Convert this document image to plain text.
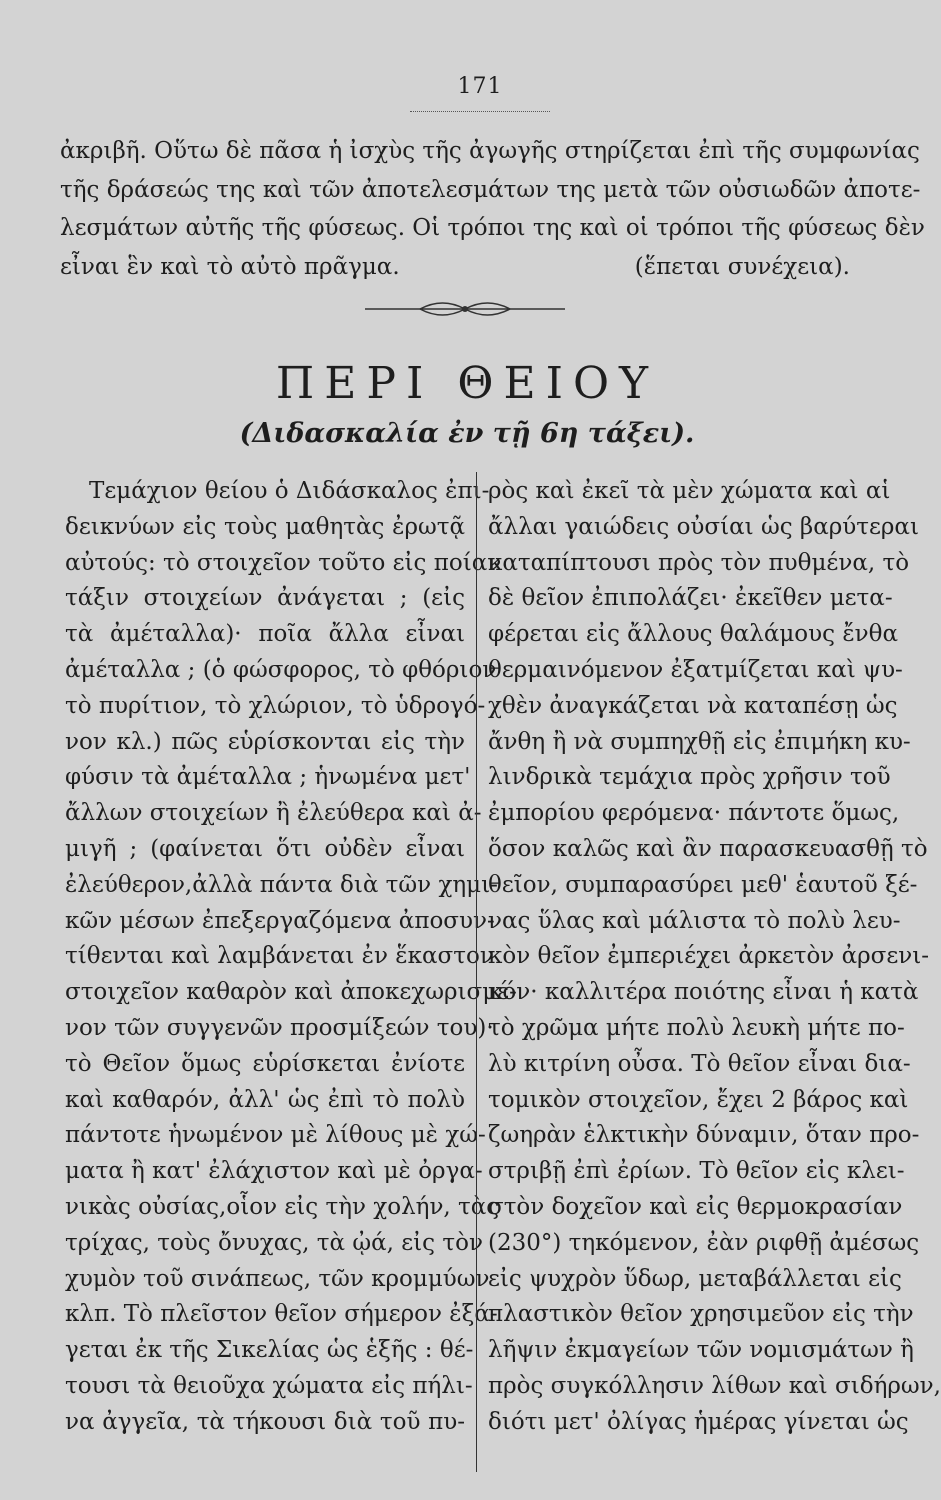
171
ἀκριβῆ. Οὕτω δὲ πᾶσα ἡ ἰσχὺς τῆς ἀγωγῆς στηρίζεται ἐπὶ τῆς συμφωνίας
τῆς δράσεώς της καὶ τῶν ἀποτελεσμάτων της μετὰ τῶν οὐσιωδῶν ἀποτε-
λεσμάτων αὐτῆς τῆς φύσεως. Οἱ τρόποι της καὶ οἱ τρόποι τῆς φύσεως δὲν
εἶναι ἓν καὶ τὸ αὐτὸ πρᾶγμα.	(ἕπεται συνέχεια).
ΠΕΡΙ ΘΕΙΟΥ
(Διδασκαλία ἐν τῇ 6η τάξει).
Τεμάχιον θείου ὁ Διδάσκαλος ἐπι-
δεικνύων εἰς τοὺς μαθητὰς ἐρωτᾷ
αὐτούς: τὸ στοιχεῖον τοῦτο εἰς ποίαν
τάξιν στοιχείων ἀνάγεται ; (εἰς
τὰ ἀμέταλλα)· ποῖα ἄλλα εἶναι
ἀμέταλλα ; (ὁ φώσφορος, τὸ φθόριον
τὸ πυρίτιον, τὸ χλώριον, τὸ ὑδρογό-
νον κλ.) πῶς εὑρίσκονται εἰς τὴν
φύσιν τὰ ἀμέταλλα ; ἡνωμένα μετ'
ἄλλων στοιχείων ἢ ἐλεύθερα καὶ ἀ-
μιγῆ ; (φαίνεται ὅτι οὐδὲν εἶναι
ἐλεύθερον,ἀλλὰ πάντα διὰ τῶν χημι-
κῶν μέσων ἐπεξεργαζόμενα ἀποσυν-
τίθενται καὶ λαμβάνεται ἐν ἕκαστον
στοιχεῖον καθαρὸν καὶ ἀποκεχωρισμέ-
νον τῶν συγγενῶν προσμίξεών του)·
τὸ Θεῖον ὅμως εὑρίσκεται ἐνίοτε
καὶ καθαρόν, ἀλλ' ὡς ἐπὶ τὸ πολὺ
πάντοτε ἡνωμένον μὲ λίθους μὲ χώ-
ματα ἢ κατ' ἐλάχιστον καὶ μὲ ὀργα-
νικὰς οὐσίας,οἷον εἰς τὴν χολήν, τὰς
τρίχας, τοὺς ὄνυχας, τὰ ᾠά, εἰς τὸν
χυμὸν τοῦ σινάπεως, τῶν κρομμύων
κλπ. Τὸ πλεῖστον θεῖον σήμερον ἐξά-
γεται ἐκ τῆς Σικελίας ὡς ἑξῆς : θέ-
τουσι τὰ θειοῦχα χώματα εἰς πήλι-
να ἀγγεῖα, τὰ τήκουσι διὰ τοῦ πυ-
ρὸς καὶ ἐκεῖ τὰ μὲν χώματα καὶ αἱ
ἄλλαι γαιώδεις οὐσίαι ὡς βαρύτεραι
καταπίπτουσι πρὸς τὸν πυθμένα, τὸ
δὲ θεῖον ἐπιπολάζει· ἐκεῖθεν μετα-
φέρεται εἰς ἄλλους θαλάμους ἔνθα
θερμαινόμενον ἐξατμίζεται καὶ ψυ-
χθὲν ἀναγκάζεται νὰ καταπέσῃ ὡς
ἄνθη ἢ νὰ συμπηχθῇ εἰς ἐπιμήκη κυ-
λινδρικὰ τεμάχια πρὸς χρῆσιν τοῦ
ἐμπορίου φερόμενα· πάντοτε ὅμως,
ὅσον καλῶς καὶ ἂν παρασκευασθῇ τὸ
θεῖον, συμπαρασύρει μεθ' ἑαυτοῦ ξέ-
νας ὕλας καὶ μάλιστα τὸ πολὺ λευ-
κὸν θεῖον ἐμπεριέχει ἀρκετὸν ἀρσενι-
κόν· καλλιτέρα ποιότης εἶναι ἡ κατὰ
τὸ χρῶμα μήτε πολὺ λευκὴ μήτε πο-
λὺ κιτρίνη οὖσα. Τὸ θεῖον εἶναι δια-
τομικὸν στοιχεῖον, ἔχει 2 βάρος καὶ
ζωηρὰν ἑλκτικὴν δύναμιν, ὅταν προ-
στριβῇ ἐπὶ ἐρίων. Τὸ θεῖον εἰς κλει-
στὸν δοχεῖον καὶ εἰς θερμοκρασίαν
(230°) τηκόμενον, ἐὰν ριφθῇ ἀμέσως
εἰς ψυχρὸν ὕδωρ, μεταβάλλεται εἰς
πλαστικὸν θεῖον χρησιμεῦον εἰς τὴν
λῆψιν ἐκμαγείων τῶν νομισμάτων ἢ
πρὸς συγκόλλησιν λίθων καὶ σιδήρων,
διότι μετ' ὀλίγας ἡμέρας γίνεται ὡς
